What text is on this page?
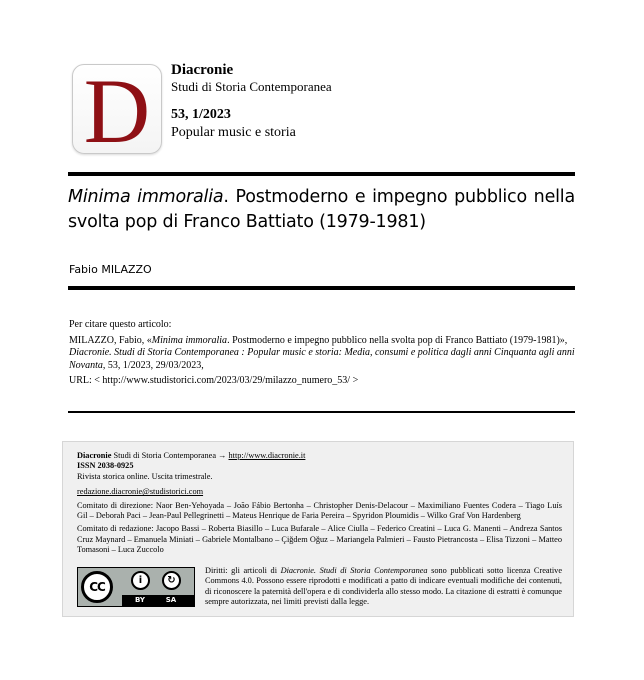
D Diacronie
Studi di Storia Contemporanea
53, 1/2023
Popular music e storia
Minima immoralia. Postmoderno e impegno pubblico nella svolta pop di Franco Battiato (1979-1981)
Fabio MILAZZO

Per citare questo articolo:

MILAZZO, Fabio, «Minima immoralia. Postmoderno e impegno pubblico nella svolta pop di Franco Battiato (1979-1981)», Diacronie. Studi di Storia Contemporanea : Popular music e storia: Media, consumi e politica dagli anni Cinquanta agli anni Novanta, 53, 1/2023, 29/03/2023,

URL: < http://www.studistorici.com/2023/03/29/milazzo_numero_53/ >

Diacronie Studi di Storia Contemporanea → http://www.diacronie.it

ISSN 2038-0925

Rivista storica online. Uscita trimestrale.

redazione.diacronie@studistorici.com

Comitato di direzione: Naor Ben-Yehoyada – João Fábio Bertonha – Christopher Denis-Delacour – Maximiliano Fuentes Codera – Tiago Luís Gil – Deborah Paci – Jean-Paul Pellegrinetti – Mateus Henrique de Faria Pereira – Spyridon Ploumidis – Wilko Graf Von Hardenberg

Comitato di redazione: Jacopo Bassi – Roberta Biasillo – Luca Bufarale – Alice Ciulla – Federico Creatini – Luca G. Manenti – Andreza Santos Cruz Maynard – Emanuela Miniati – Gabriele Montalbano – Çiğdem Oğuz – Mariangela Palmieri – Fausto Pietrancosta – Elisa Tizzoni – Matteo Tomasoni – Luca Zuccolo

CC	i	↻
BY	SA
Diritti: gli articoli di Diacronie. Studi di Storia Contemporanea sono pubblicati sotto licenza Creative Commons 4.0. Possono essere riprodotti e modificati a patto di indicare eventuali modifiche dei contenuti, di riconoscere la paternità dell'opera e di condividerla allo stesso modo. La citazione di estratti è comunque sempre autorizzata, nei limiti previsti dalla legge.
